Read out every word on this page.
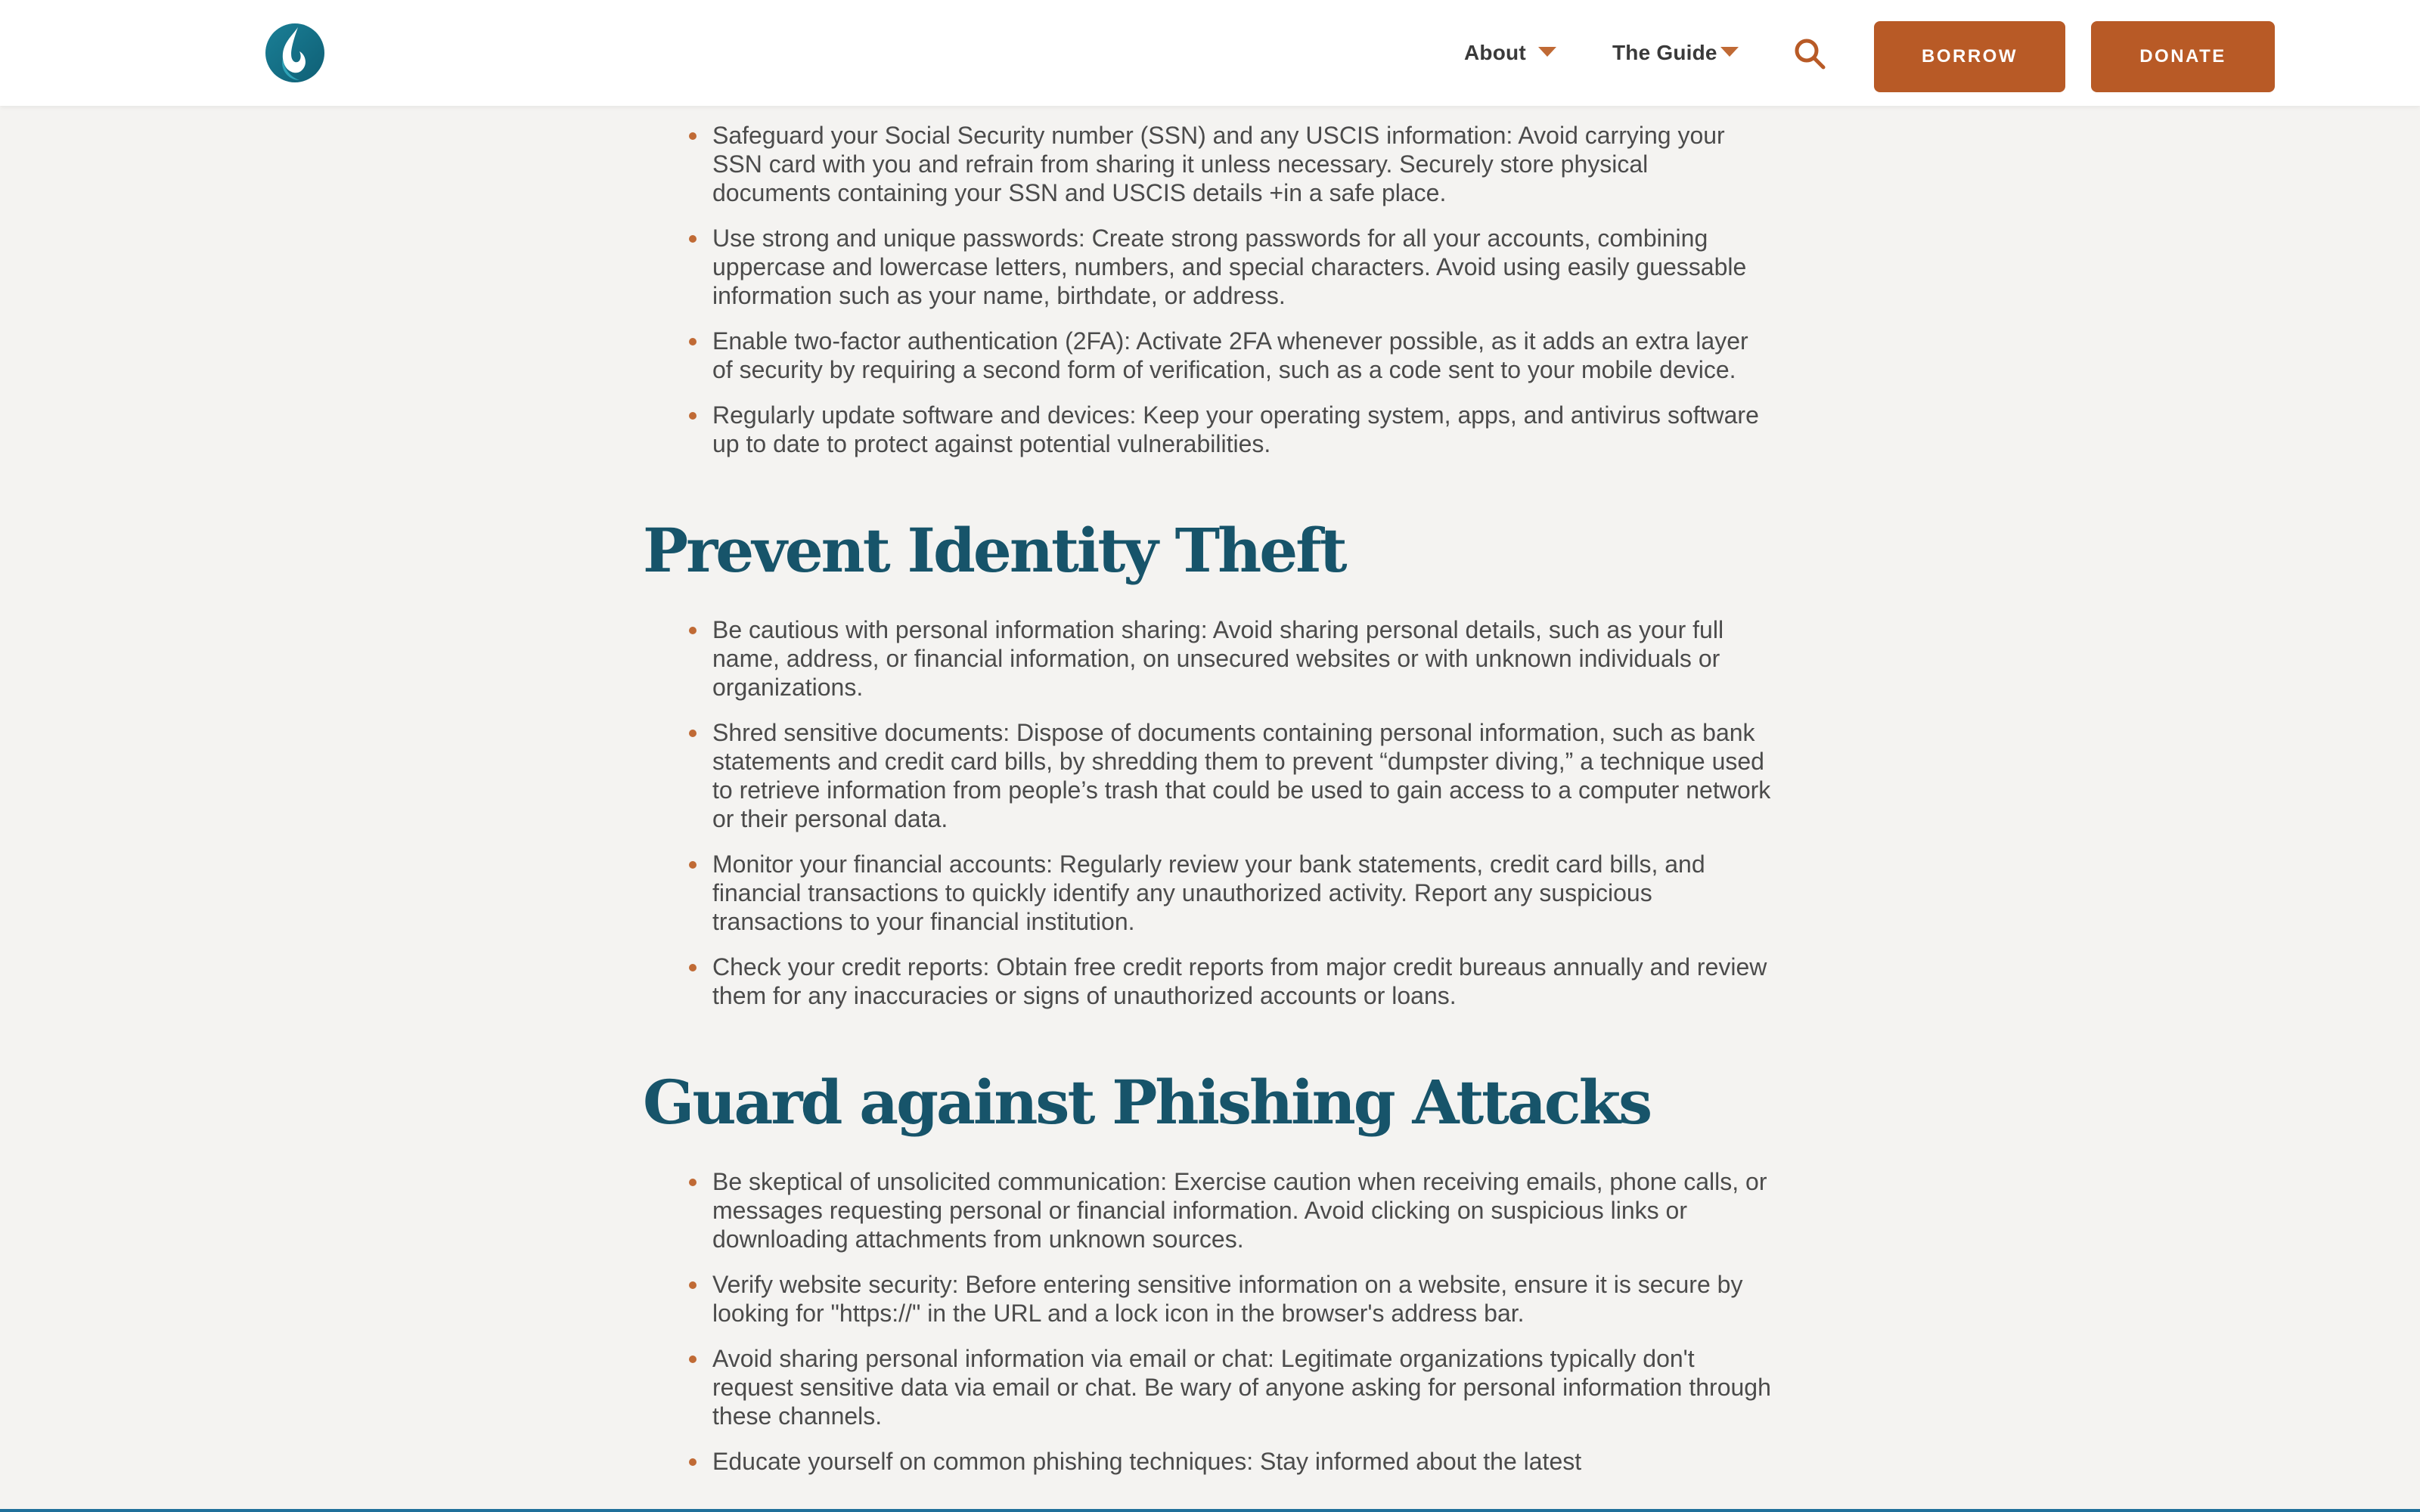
About	The Guide	BORROW	DONATE
Safeguard your Social Security number (SSN) and any USCIS information: Avoid carrying your SSN card with you and refrain from sharing it unless necessary. Securely store physical documents containing your SSN and USCIS details +in a safe place.
Use strong and unique passwords: Create strong passwords for all your accounts, combining uppercase and lowercase letters, numbers, and special characters. Avoid using easily guessable information such as your name, birthdate, or address.
Enable two-factor authentication (2FA): Activate 2FA whenever possible, as it adds an extra layer of security by requiring a second form of verification, such as a code sent to your mobile device.
Regularly update software and devices: Keep your operating system, apps, and antivirus software up to date to protect against potential vulnerabilities.
Prevent Identity Theft
Be cautious with personal information sharing: Avoid sharing personal details, such as your full name, address, or financial information, on unsecured websites or with unknown individuals or organizations.
Shred sensitive documents: Dispose of documents containing personal information, such as bank statements and credit card bills, by shredding them to prevent “dumpster diving,” a technique used to retrieve information from people’s trash that could be used to gain access to a computer network or their personal data.
Monitor your financial accounts: Regularly review your bank statements, credit card bills, and financial transactions to quickly identify any unauthorized activity. Report any suspicious transactions to your financial institution.
Check your credit reports: Obtain free credit reports from major credit bureaus annually and review them for any inaccuracies or signs of unauthorized accounts or loans.
Guard against Phishing Attacks
Be skeptical of unsolicited communication: Exercise caution when receiving emails, phone calls, or messages requesting personal or financial information. Avoid clicking on suspicious links or downloading attachments from unknown sources.
Verify website security: Before entering sensitive information on a website, ensure it is secure by looking for "https://" in the URL and a lock icon in the browser's address bar.
Avoid sharing personal information via email or chat: Legitimate organizations typically don't request sensitive data via email or chat. Be wary of anyone asking for personal information through these channels.
Educate yourself on common phishing techniques: Stay informed about the latest
